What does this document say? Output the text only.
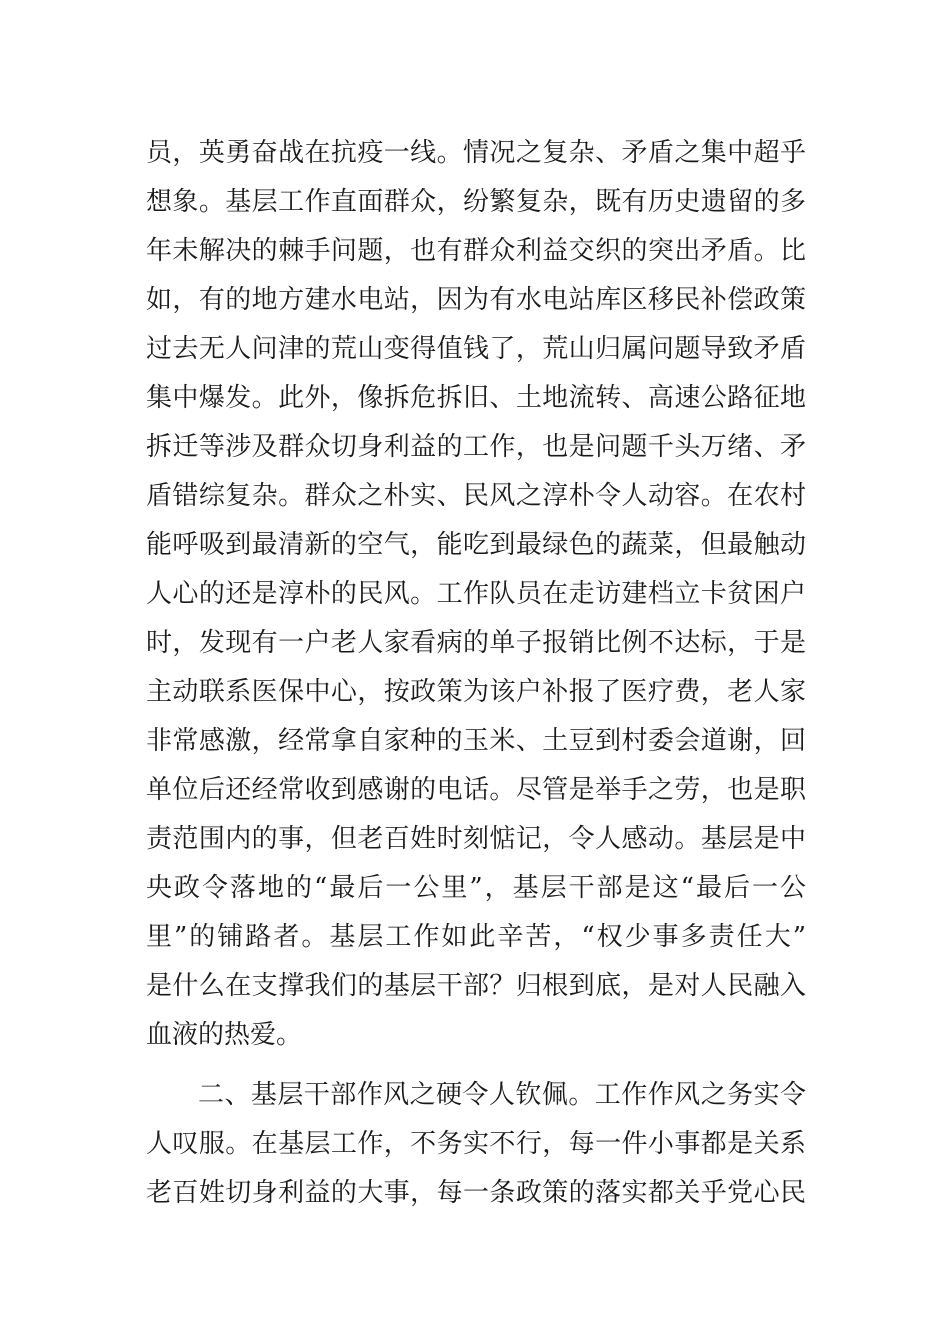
员，英勇奋战在抗疫一线。情况之复杂、矛盾之集中超乎
想象。基层工作直面群众，纷繁复杂，既有历史遗留的多
年未解决的棘手问题，也有群众利益交织的突出矛盾。比
如，有的地方建水电站，因为有水电站库区移民补偿政策
过去无人问津的荒山变得值钱了，荒山归属问题导致矛盾
集中爆发。此外，像拆危拆旧、土地流转、高速公路征地
拆迁等涉及群众切身利益的工作，也是问题千头万绪、矛
盾错综复杂。群众之朴实、民风之淳朴令人动容。在农村
能呼吸到最清新的空气，能吃到最绿色的蔬菜，但最触动
人心的还是淳朴的民风。工作队员在走访建档立卡贫困户
时，发现有一户老人家看病的单子报销比例不达标，于是
主动联系医保中心，按政策为该户补报了医疗费，老人家
非常感激，经常拿自家种的玉米、土豆到村委会道谢，回
单位后还经常收到感谢的电话。尽管是举手之劳，也是职
责范围内的事，但老百姓时刻惦记，令人感动。基层是中
央政令落地的“最后一公里”，基层干部是这“最后一公
里”的铺路者。基层工作如此辛苦，“权少事多责任大”
是什么在支撑我们的基层干部？归根到底，是对人民融入
血液的热爱。
二、基层干部作风之硬令人钦佩。工作作风之务实令
人叹服。在基层工作，不务实不行，每一件小事都是关系
老百姓切身利益的大事，每一条政策的落实都关乎党心民
